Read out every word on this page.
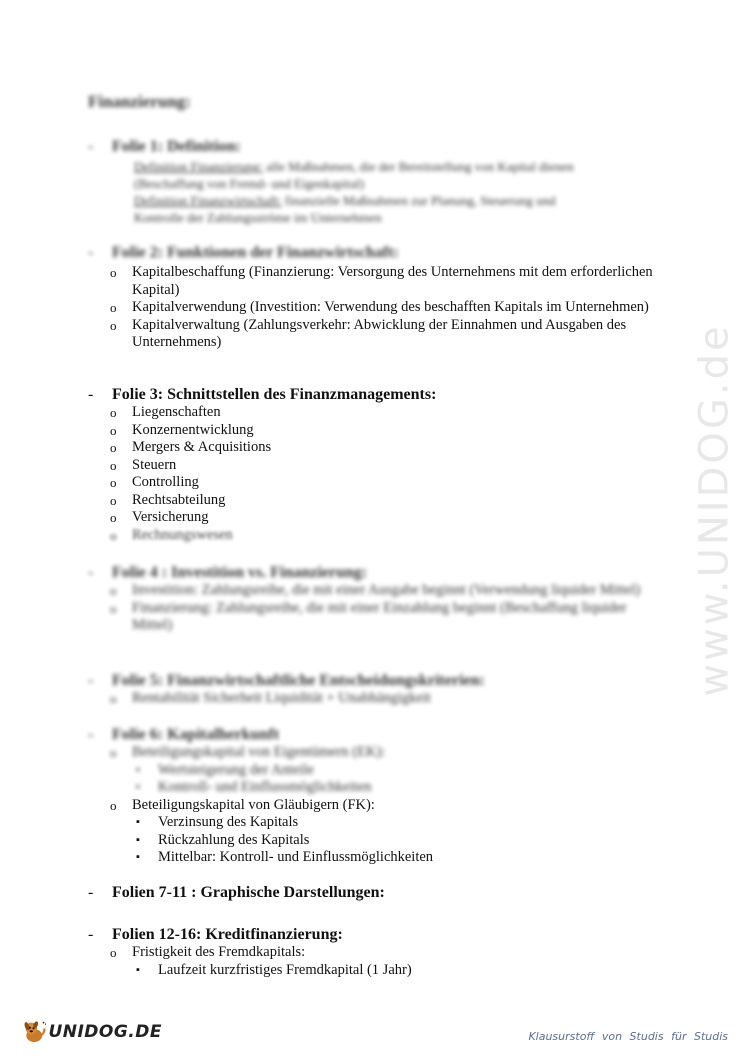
Finanzierung:
-	Folie 1: Definition:
Definition Finanzierung: alle Maßnahmen, die der Bereitstellung von Kapital dienen
(Beschaffung von Fremd- und Eigenkapital)
Definition Finanzwirtschaft: finanzielle Maßnahmen zur Planung, Steuerung und
Kontrolle der Zahlungsströme im Unternehmen
-	Folie 2: Funktionen der Finanzwirtschaft:
o	Kapitalbeschaffung (Finanzierung: Versorgung des Unternehmens mit dem erforderlichen Kapital)
o	Kapitalverwendung (Investition: Verwendung des beschafften Kapitals im Unternehmen)
o	Kapitalverwaltung (Zahlungsverkehr: Abwicklung der Einnahmen und Ausgaben des Unternehmens)
-	Folie 3: Schnittstellen des Finanzmanagements:
o	Liegenschaften
o	Konzernentwicklung
o	Mergers & Acquisitions
o	Steuern
o	Controlling
o	Rechtsabteilung
o	Versicherung
o	Rechnungswesen
-	Folie 4 : Investition vs. Finanzierung:
o	Investition: Zahlungsreihe, die mit einer Ausgabe beginnt (Verwendung liquider Mittel)
o	Finanzierung: Zahlungsreihe, die mit einer Einzahlung beginnt (Beschaffung liquider Mittel)
-	Folie 5: Finanzwirtschaftliche Entscheidungskriterien:
o	Rentabilität Sicherheit Liquidität + Unabhängigkeit
-	Folie 6: Kapitalherkunft
o	Beteiligungskapital von Eigentümern (EK):
▪	Wertsteigerung der Anteile
▪	Kontroll- und Einflussmöglichkeiten
o	Beteiligungskapital von Gläubigern (FK):
▪	Verzinsung des Kapitals
▪	Rückzahlung des Kapitals
▪	Mittelbar: Kontroll- und Einflussmöglichkeiten
-	Folien 7-11 : Graphische Darstellungen:
-	Folien 12-16: Kreditfinanzierung:
o	Fristigkeit des Fremdkapitals:
▪	Laufzeit kurzfristiges Fremdkapital (1 Jahr)
www.UNIDOG.de
UNIDOG.DE	Klausurstoff von Studis für Studis
